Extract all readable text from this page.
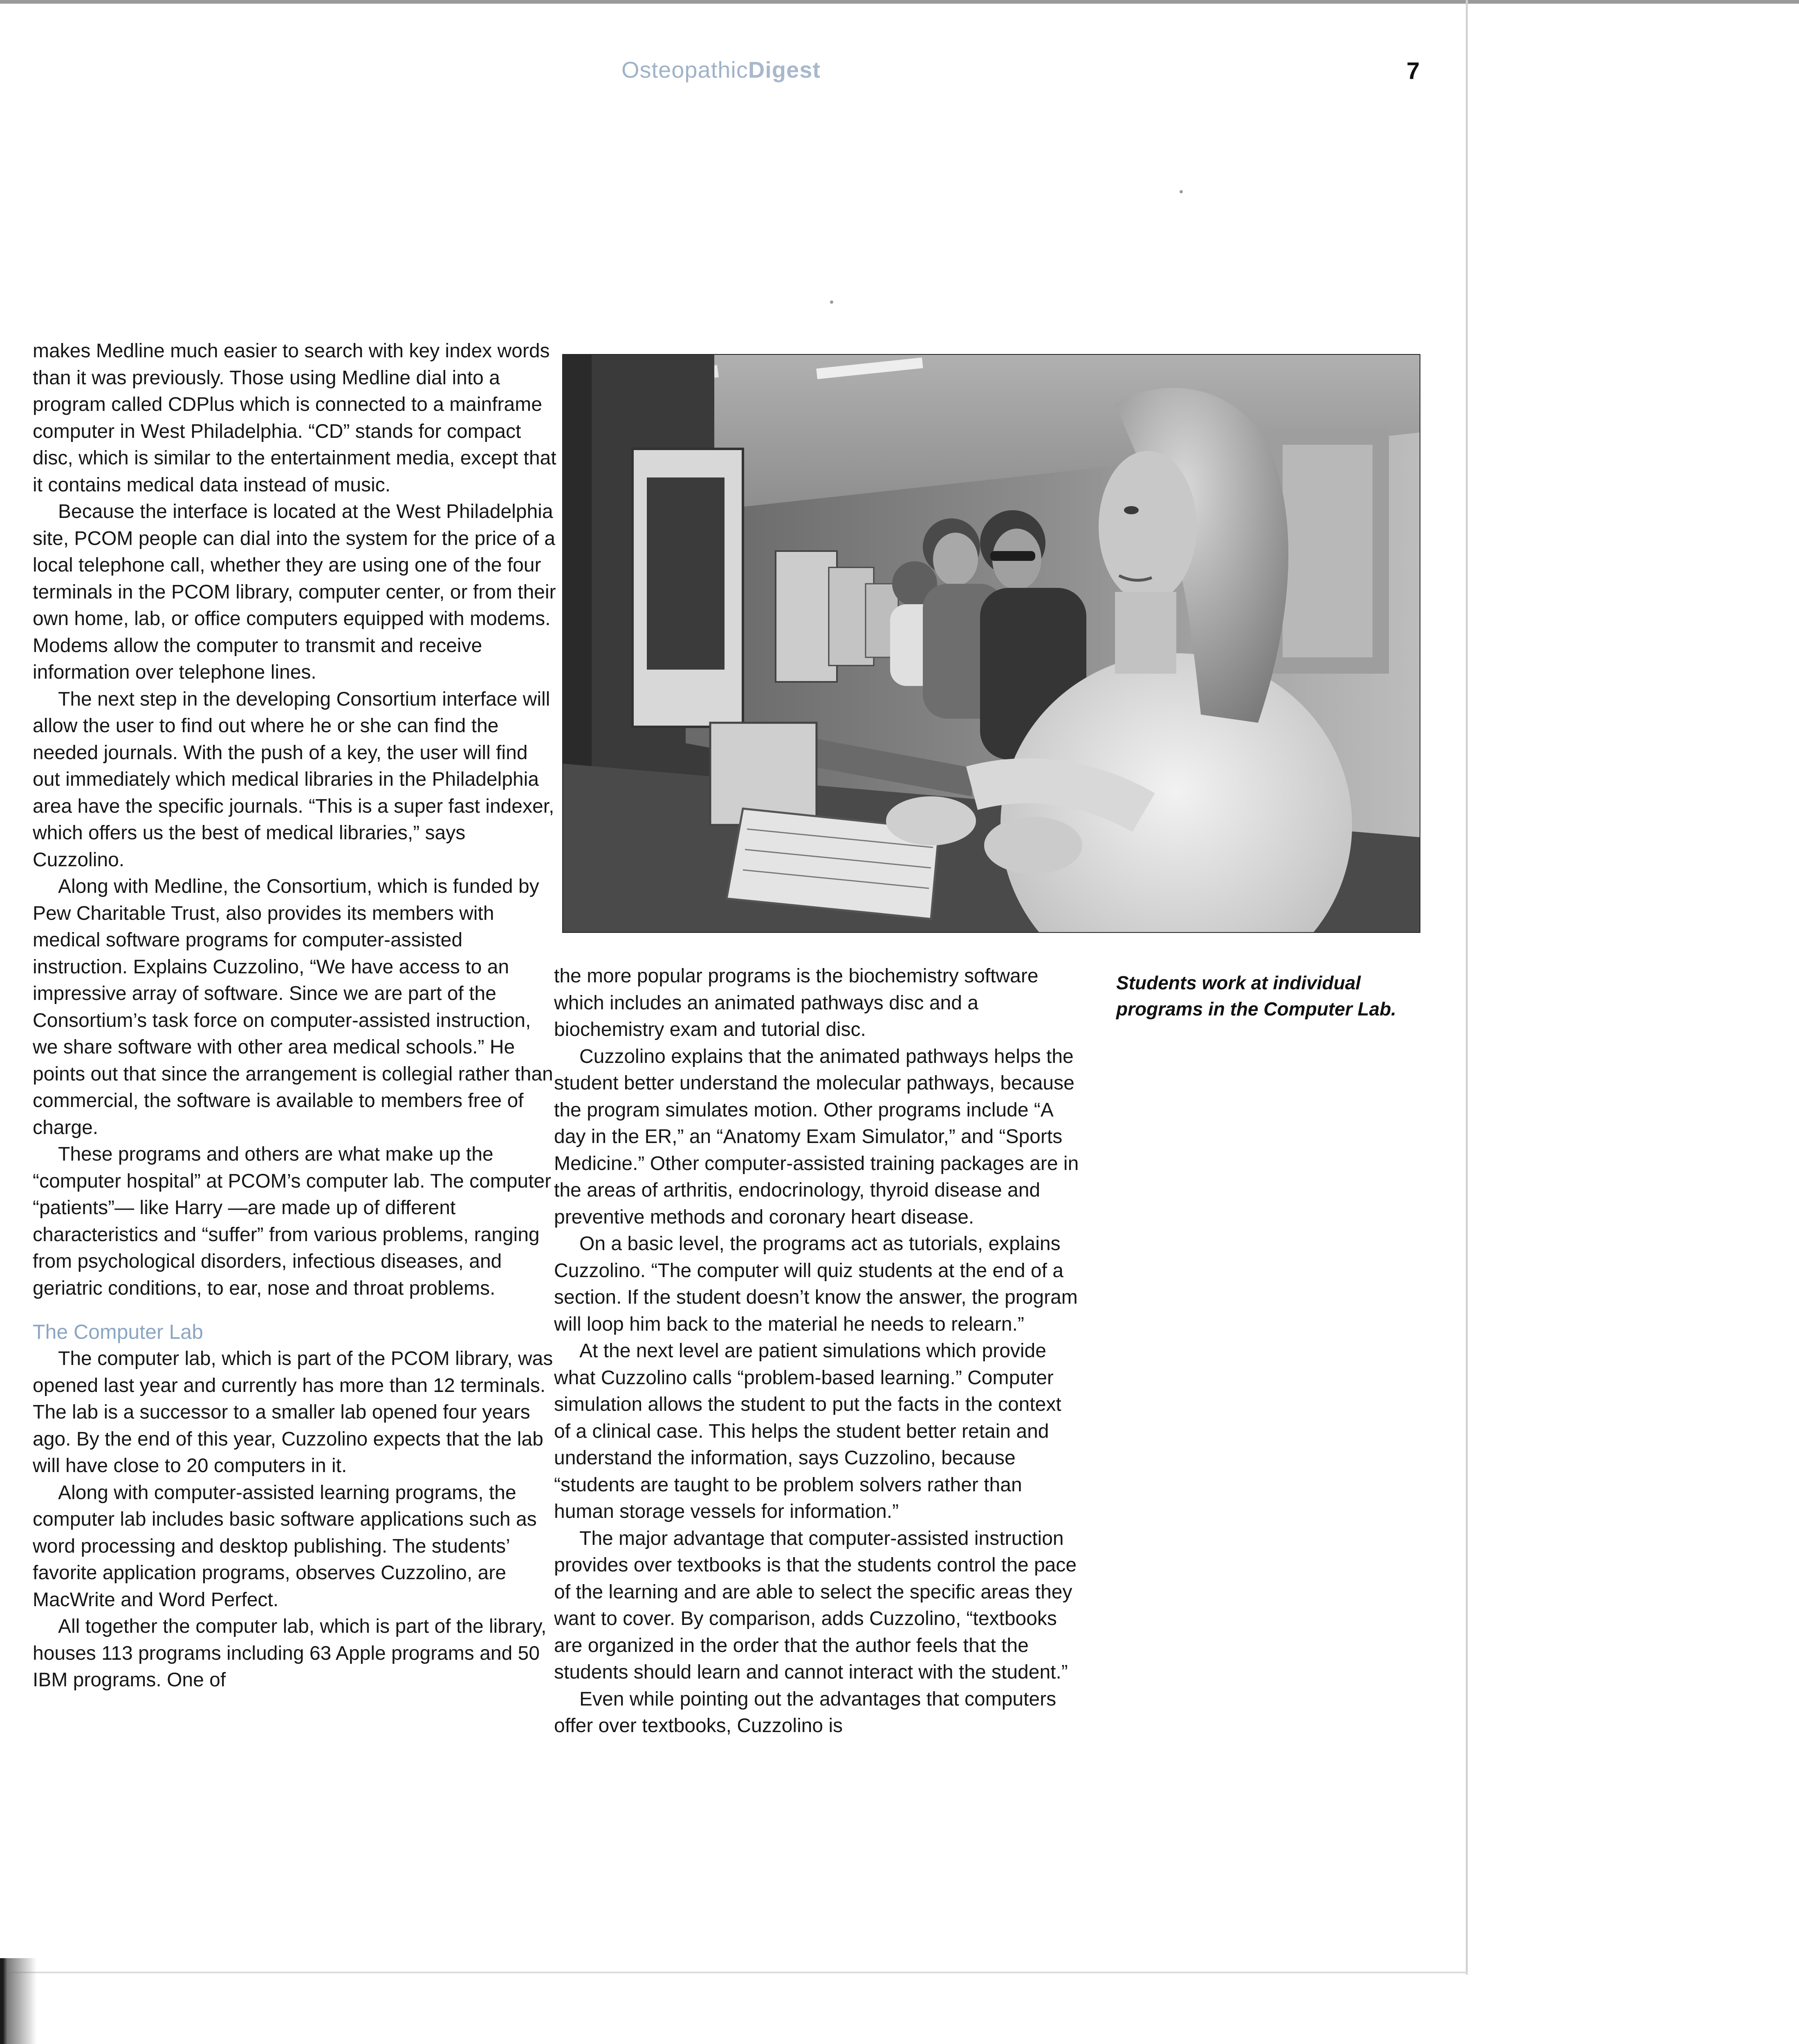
OsteopathicDigest	7

makes Medline much easier to search with key index words than it was previously. Those using Medline dial into a program called CDPlus which is connected to a mainframe computer in West Philadelphia. “CD” stands for compact disc, which is similar to the entertainment media, except that it contains medical data instead of music.

Because the interface is located at the West Philadelphia site, PCOM people can dial into the system for the price of a local telephone call, whether they are using one of the four terminals in the PCOM library, computer center, or from their own home, lab, or office computers equipped with modems. Modems allow the computer to transmit and receive information over telephone lines.

The next step in the developing Consortium interface will allow the user to find out where he or she can find the needed journals. With the push of a key, the user will find out immediately which medical libraries in the Philadelphia area have the specific journals. “This is a super fast indexer, which offers us the best of medical libraries,” says Cuzzolino.

Along with Medline, the Consortium, which is funded by Pew Charitable Trust, also provides its members with medical software programs for computer-assisted instruction. Explains Cuzzolino, “We have access to an impressive array of software. Since we are part of the Consortium’s task force on computer-assisted instruction, we share software with other area medical schools.” He points out that since the arrangement is collegial rather than commercial, the software is available to members free of charge.

These programs and others are what make up the “computer hospital” at PCOM’s computer lab. The computer “patients”— like Harry —are made up of different characteristics and “suffer” from various problems, ranging from psychological disorders, infectious diseases, and geriatric conditions, to ear, nose and throat problems.

The Computer Lab

The computer lab, which is part of the PCOM library, was opened last year and currently has more than 12 terminals. The lab is a successor to a smaller lab opened four years ago. By the end of this year, Cuzzolino expects that the lab will have close to 20 computers in it.

Along with computer-assisted learning programs, the computer lab includes basic software applications such as word processing and desktop publishing. The students’ favorite application programs, observes Cuzzolino, are MacWrite and Word Perfect.

All together the computer lab, which is part of the library, houses 113 programs including 63 Apple programs and 50 IBM programs. One of

the more popular programs is the biochemistry software which includes an animated pathways disc and a biochemistry exam and tutorial disc.

Cuzzolino explains that the animated pathways helps the student better understand the molecular pathways, because the program simulates motion. Other programs include “A day in the ER,” an “Anatomy Exam Simulator,” and “Sports Medicine.” Other computer-assisted training packages are in the areas of arthritis, endocrinology, thyroid disease and preventive methods and coronary heart disease.

On a basic level, the programs act as tutorials, explains Cuzzolino. “The computer will quiz students at the end of a section. If the student doesn’t know the answer, the program will loop him back to the material he needs to relearn.”

At the next level are patient simulations which provide what Cuzzolino calls “problem-based learning.” Computer simulation allows the student to put the facts in the context of a clinical case. This helps the student better retain and understand the information, says Cuzzolino, because “students are taught to be problem solvers rather than human storage vessels for information.”

The major advantage that computer-assisted instruction provides over textbooks is that the students control the pace of the learning and are able to select the specific areas they want to cover. By comparison, adds Cuzzolino, “textbooks are organized in the order that the author feels that the students should learn and cannot interact with the student.”

Even while pointing out the advantages that computers offer over textbooks, Cuzzolino is

Students work at individual programs in the Computer Lab.
